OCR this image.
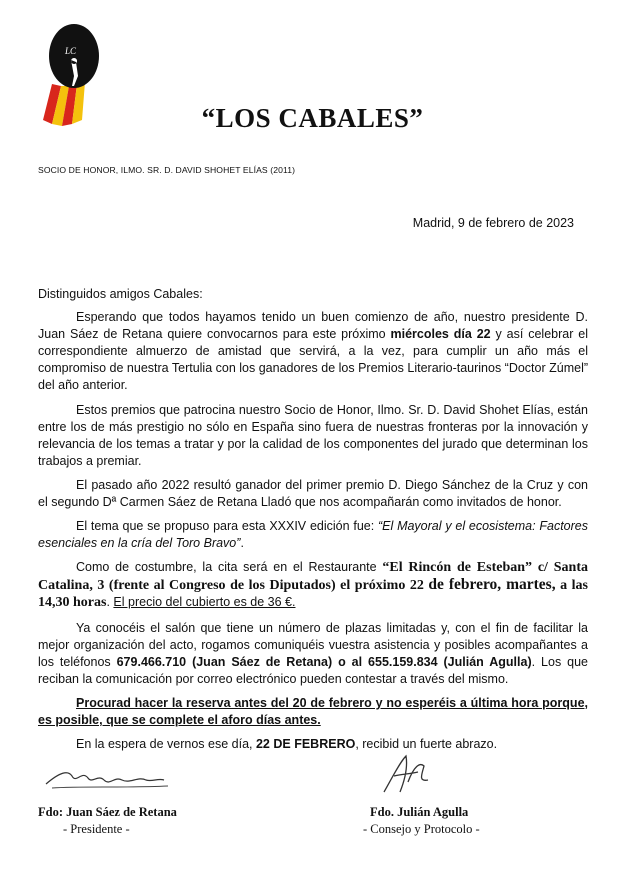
LC
“LOS CABALES”
SOCIO DE HONOR, ILMO. SR. D. DAVID SHOHET ELÍAS (2011)
Madrid, 9 de febrero de 2023
Distinguidos amigos Cabales:

Esperando que todos hayamos tenido un buen comienzo de año, nuestro presidente D. Juan Sáez de Retana quiere convocarnos para este próximo miércoles día 22 y así celebrar el correspondiente almuerzo de amistad que servirá, a la vez, para cumplir un año más el compromiso de nuestra Tertulia con los ganadores de los Premios Literario-taurinos “Doctor Zúmel” del año anterior.

Estos premios que patrocina nuestro Socio de Honor, Ilmo. Sr. D. David Shohet Elías, están entre los de más prestigio no sólo en España sino fuera de nuestras fronteras por la innovación y relevancia de los temas a tratar y por la calidad de los componentes del jurado que determinan los trabajos a premiar.

El pasado año 2022 resultó ganador del primer premio D. Diego Sánchez de la Cruz y con el segundo Dª Carmen Sáez de Retana Lladó que nos acompañarán como invitados de honor.

El tema que se propuso para esta XXXIV edición fue: “El Mayoral y el ecosistema: Factores esenciales en la cría del Toro Bravo”.

Como de costumbre, la cita será en el Restaurante “El Rincón de Esteban” c/ Santa Catalina, 3 (frente al Congreso de los Diputados) el próximo 22 de febrero, martes, a las 14,30 horas. El precio del cubierto es de 36 €.

Ya conocéis el salón que tiene un número de plazas limitadas y, con el fin de facilitar la mejor organización del acto, rogamos comuniquéis vuestra asistencia y posibles acompañantes a los teléfonos 679.466.710 (Juan Sáez de Retana) o al 655.159.834 (Julián Agulla). Los que reciban la comunicación por correo electrónico pueden contestar a través del mismo.

Procurad hacer la reserva antes del 20 de febrero y no esperéis a última hora porque, es posible, que se complete el aforo días antes.

En la espera de vernos ese día, 22 DE FEBRERO, recibid un fuerte abrazo.

Fdo: Juan Sáez de Retana
- Presidente -
Fdo. Julián Agulla
- Consejo y Protocolo -
